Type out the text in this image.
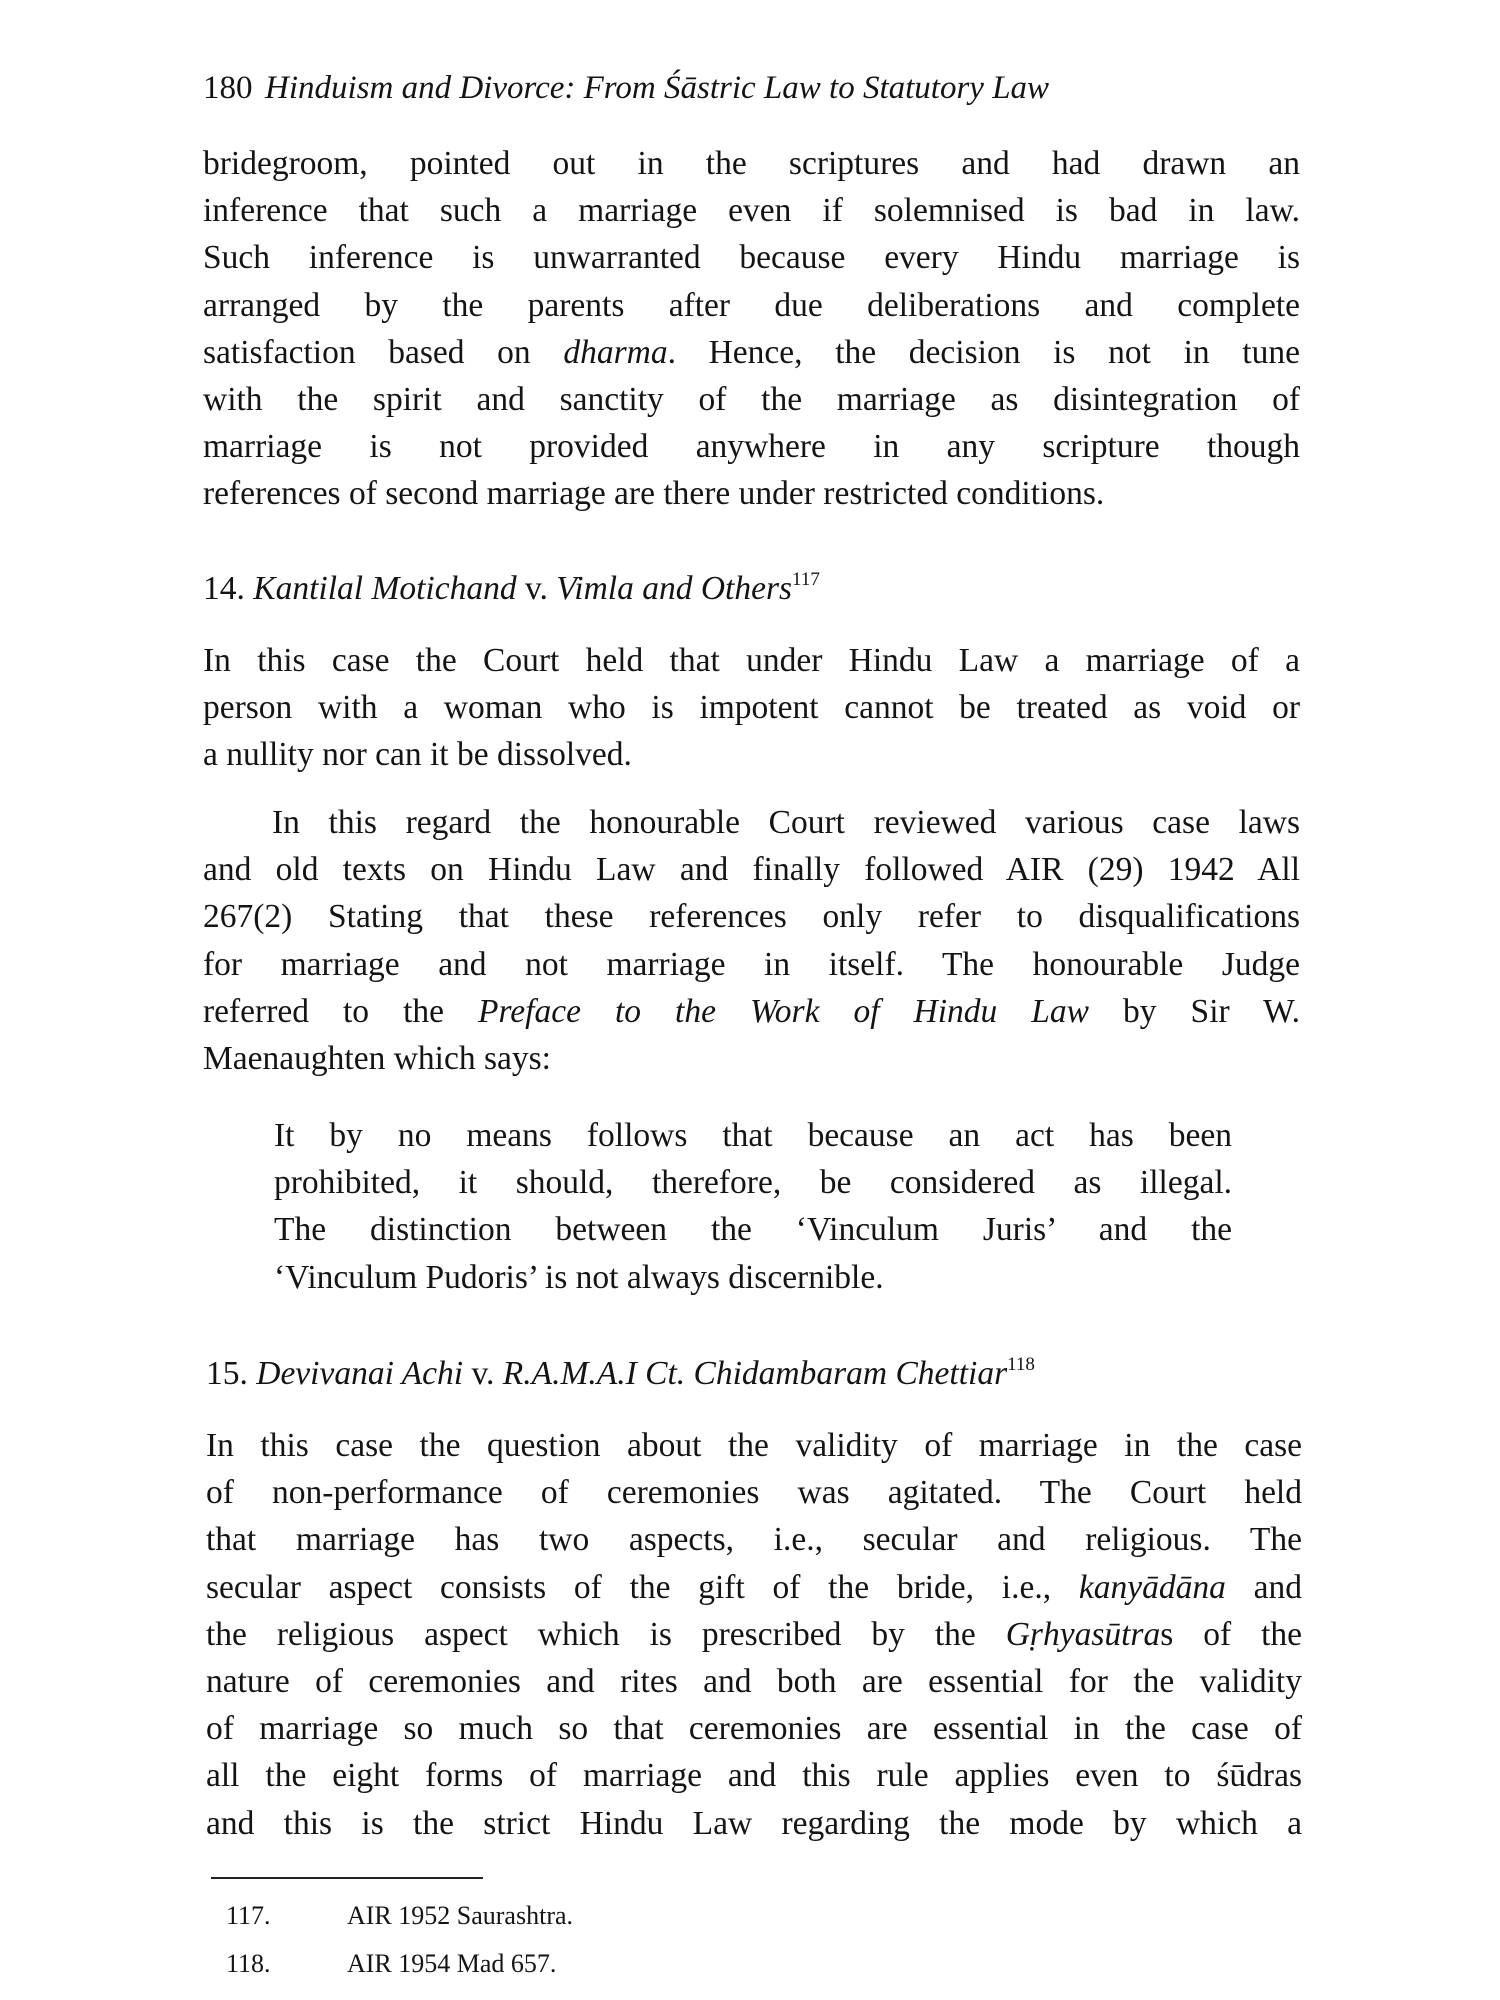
180 Hinduism and Divorce: From Śāstric Law to Statutory Law
bridegroom, pointed out in the scriptures and had drawn an
inference that such a marriage even if solemnised is bad in law.
Such inference is unwarranted because every Hindu marriage is
arranged by the parents after due deliberations and complete
satisfaction based on dharma. Hence, the decision is not in tune
with the spirit and sanctity of the marriage as disintegration of
marriage is not provided anywhere in any scripture though
references of second marriage are there under restricted conditions.
14. Kantilal Motichand v. Vimla and Others$^{117}$
In this case the Court held that under Hindu Law a marriage of a
person with a woman who is impotent cannot be treated as void or
a nullity nor can it be dissolved.
In this regard the honourable Court reviewed various case laws
and old texts on Hindu Law and finally followed AIR (29) 1942 All
267(2) Stating that these references only refer to disqualifications
for marriage and not marriage in itself. The honourable Judge
referred to the Preface to the Work of Hindu Law by Sir W.
Maenaughten which says:
It by no means follows that because an act has been
prohibited, it should, therefore, be considered as illegal.
The distinction between the ‘Vinculum Juris’ and the
‘Vinculum Pudoris’ is not always discernible.
15. Devivanai Achi v. R.A.M.A.I Ct. Chidambaram Chettiar$^{118}$
In this case the question about the validity of marriage in the case
of non-performance of ceremonies was agitated. The Court held
that marriage has two aspects, i.e., secular and religious. The
secular aspect consists of the gift of the bride, i.e., kanyādāna and
the religious aspect which is prescribed by the Gṛhyasūtras of the
nature of ceremonies and rites and both are essential for the validity
of marriage so much so that ceremonies are essential in the case of
all the eight forms of marriage and this rule applies even to śūdras
and this is the strict Hindu Law regarding the mode by which a
117.	AIR 1952 Saurashtra.
118.	AIR 1954 Mad 657.
